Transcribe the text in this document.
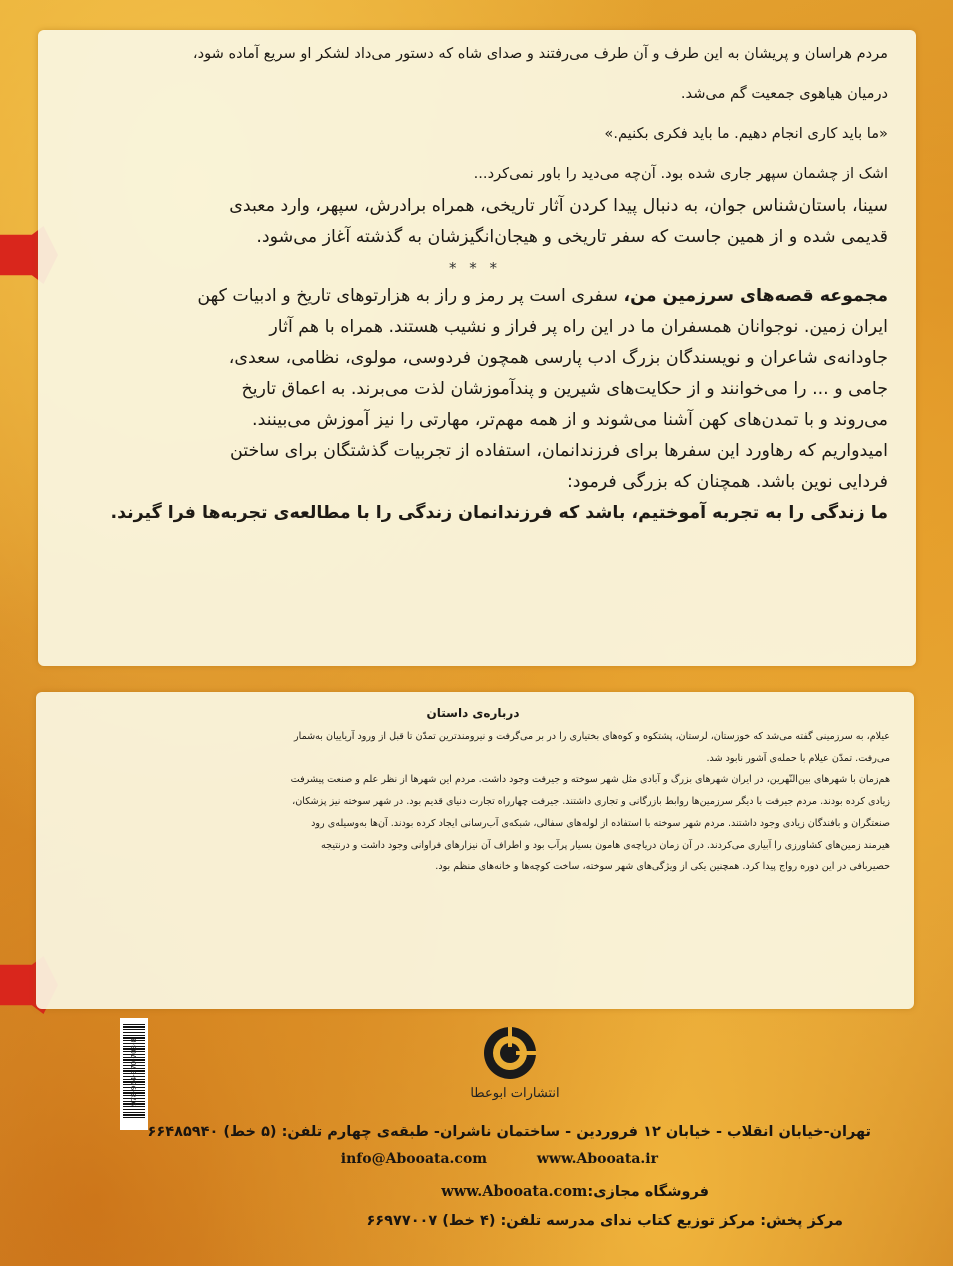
مردم هراسان و پریشان به این طرف و آن طرف می‌رفتند و صدای شاه که دستور می‌داد لشکر او سریع آماده شود،

درمیان هیاهوی جمعیت گم می‌شد.

«ما باید کاری انجام دهیم. ما باید فکری بکنیم.»

اشک از چشمان سپهر جاری شده بود. آن‌چه می‌دید را باور نمی‌کرد...

سینا، باستان‌شناس جوان، به دنبال پیدا کردن آثار تاریخی، همراه برادرش، سپهر، وارد معبدی

قدیمی شده و از همین جاست که سفر تاریخی و هیجان‌انگیزشان به گذشته آغاز می‌شود.

* * *

مجموعه قصه‌های سرزمین من، سفری است پر رمز و راز به هزارتوهای تاریخ و ادبیات کهن

ایران زمین. نوجوانان همسفران ما در این راه پر فراز و نشیب هستند. همراه با هم آثار

جاودانه‌ی شاعران و نویسندگان بزرگ ادب پارسی همچون فردوسی، مولوی، نظامی، سعدی،

جامی و ... را می‌خوانند و از حکایت‌های شیرین و پندآموزشان لذت می‌برند. به اعماق تاریخ

می‌روند و با تمدن‌های کهن آشنا می‌شوند و از همه مهم‌تر، مهارتی را نیز آموزش می‌بینند.

امیدواریم که رهاورد این سفرها برای فرزندانمان، استفاده از تجربیات گذشتگان برای ساختن

فردایی نوین باشد. همچنان که بزرگی فرمود:

ما زندگی را به تجربه آموختیم، باشد که فرزندانمان زندگی را با مطالعه‌ی تجربه‌ها فرا گیرند.

درباره‌ی داستان

عیلام، به سرزمینی گفته می‌شد که خوزستان، لرستان، پشتکوه و کوه‌های بختیاری را در بر می‌گرفت و نیرومندترین تمدّن تا قبل از ورود آریاییان به‌شمار

می‌رفت. تمدّن عیلام با حمله‌ی آشور نابود شد.

هم‌زمان با شهرهای بین‌النّهرین، در ایران شهرهای بزرگ و آبادی مثل شهر سوخته و جیرفت وجود داشت. مردم این شهرها از نظر علم و صنعت پیشرفت

زیادی کرده بودند. مردم جیرفت با دیگر سرزمین‌ها روابط بازرگانی و تجاری داشتند. جیرفت چهارراه تجارت دنیای قدیم بود. در شهر سوخته نیز پزشکان،

صنعتگران و بافندگان زیادی وجود داشتند. مردم شهر سوخته با استفاده از لوله‌های سفالی، شبکه‌ی آب‌رسانی ایجاد کرده بودند. آن‌ها به‌وسیله‌ی رود

هیرمند زمین‌های کشاورزی را آبیاری می‌کردند. در آن زمان دریاچه‌ی هامون بسیار پرآب بود و اطراف آن نیزارهای فراوانی وجود داشت و درنتیجه

حصیربافی در این دوره رواج پیدا کرد. همچنین یکی از ویژگی‌های شهر سوخته، ساخت کوچه‌ها و خانه‌های منظم بود.

978-964-370-703-8	انتشارات ابوعطا
تهران-خیابان انقلاب - خیابان ۱۲ فروردین - ساختمان ناشران- طبقه‌ی چهارم تلفن: (۵ خط) ۶۶۴۸۵۹۴۰
info@Abooata.com	www.Abooata.ir
فروشگاه مجازی:www.Abooata.com
مرکز پخش: مرکز توزیع کتاب ندای مدرسه تلفن: (۴ خط) ۶۶۹۷۷۰۰۷
